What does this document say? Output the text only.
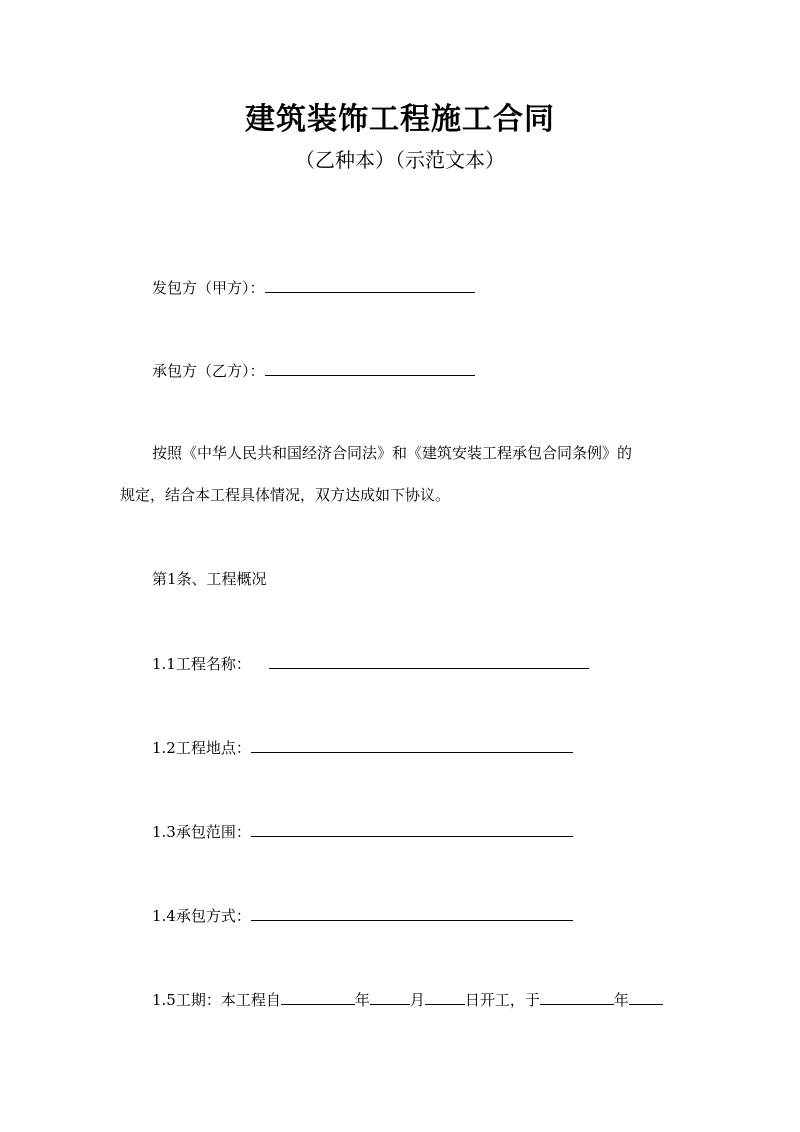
建筑装饰工程施工合同
（乙种本）（示范文本）
发包方（甲方）：
承包方（乙方）：
按照《中华人民共和国经济合同法》和《建筑安装工程承包合同条例》的
规定，结合本工程具体情况，双方达成如下协议。
第1条、工程概况
1.1工程名称：
1.2工程地点：
1.3承包范围：
1.4承包方式：
1.5工期：本工程自	年	月	日开工，于	年
